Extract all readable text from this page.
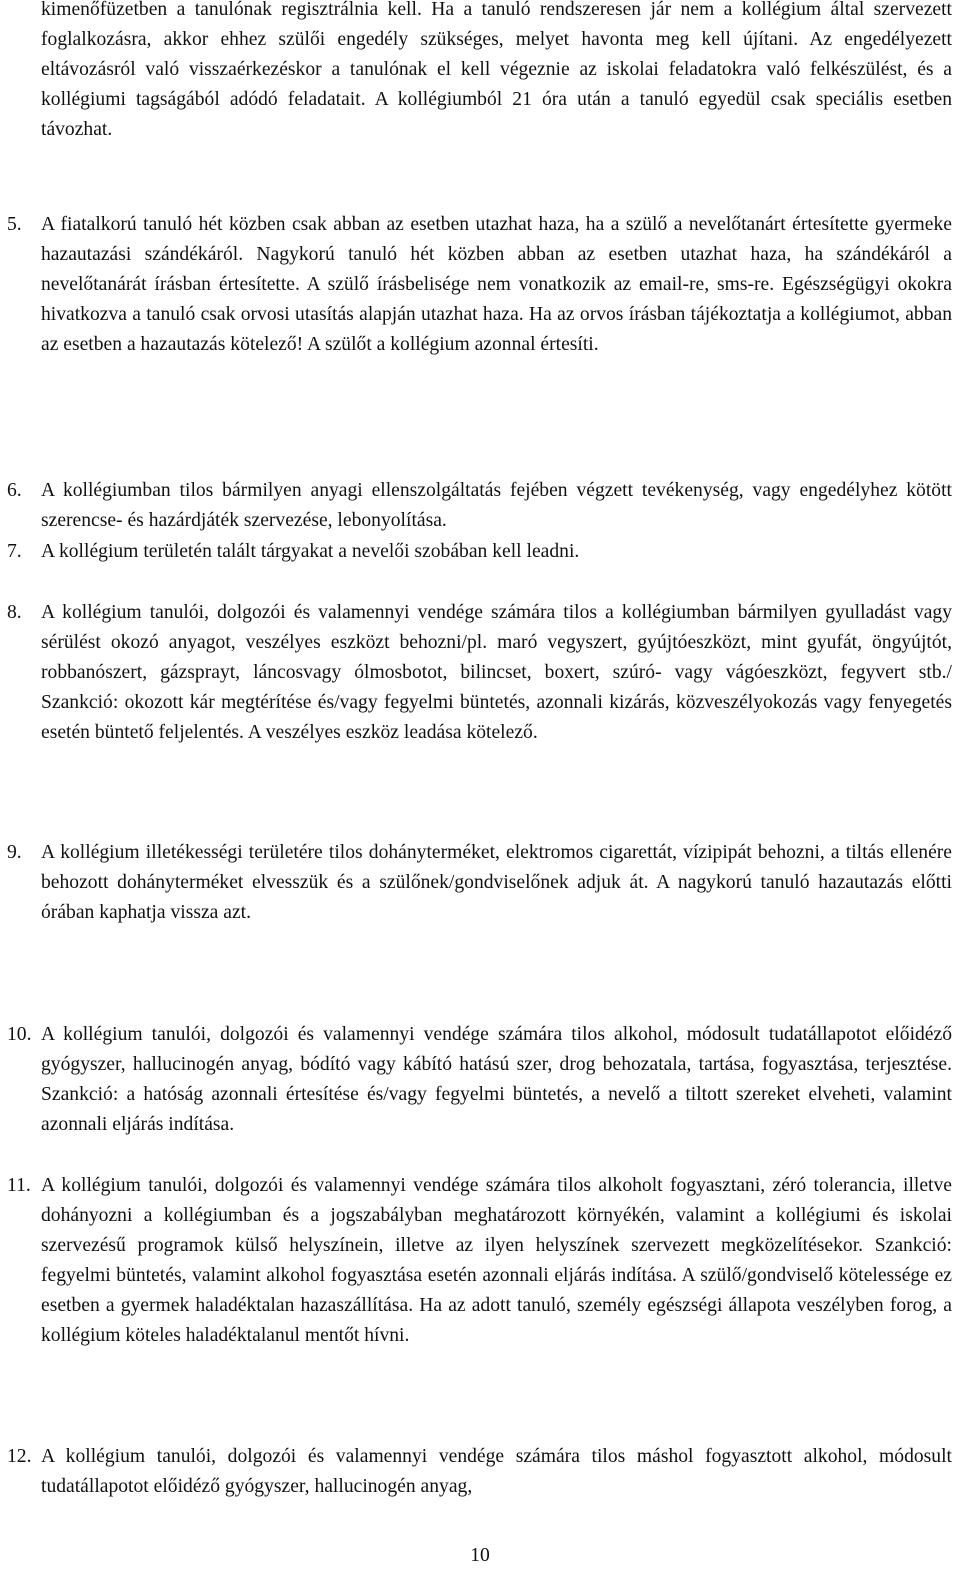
kimenőfüzetben a tanulónak regisztrálnia kell. Ha a tanuló rendszeresen jár nem a kollégium által szervezett foglalkozásra, akkor ehhez szülői engedély szükséges, melyet havonta meg kell újítani. Az engedélyezett eltávozásról való visszaérkezéskor a tanulónak el kell végeznie az iskolai feladatokra való felkészülést, és a kollégiumi tagságából adódó feladatait. A kollégiumból 21 óra után a tanuló egyedül csak speciális esetben távozhat.

5. A fiatalkorú tanuló hét közben csak abban az esetben utazhat haza, ha a szülő a nevelőtanárt értesítette gyermeke hazautazási szándékáról. Nagykorú tanuló hét közben abban az esetben utazhat haza, ha szándékáról a nevelőtanárát írásban értesítette. A szülő írásbelisége nem vonatkozik az email-re, sms-re. Egészségügyi okokra hivatkozva a tanuló csak orvosi utasítás alapján utazhat haza. Ha az orvos írásban tájékoztatja a kollégiumot, abban az esetben a hazautazás kötelező! A szülőt a kollégium azonnal értesíti.
6. A kollégiumban tilos bármilyen anyagi ellenszolgáltatás fejében végzett tevékenység, vagy engedélyhez kötött szerencse- és hazárdjáték szervezése, lebonyolítása.
7. A kollégium területén talált tárgyakat a nevelői szobában kell leadni.
8. A kollégium tanulói, dolgozói és valamennyi vendége számára tilos a kollégiumban bármilyen gyulladást vagy sérülést okozó anyagot, veszélyes eszközt behozni/pl. maró vegyszert, gyújtóeszközt, mint gyufát, öngyújtót, robbanószert, gázsprayt, láncosvagy ólmosbotot, bilincset, boxert, szúró- vagy vágóeszközt, fegyvert stb./ Szankció: okozott kár megtérítése és/vagy fegyelmi büntetés, azonnali kizárás, közveszélyokozás vagy fenyegetés esetén büntető feljelentés. A veszélyes eszköz leadása kötelező.
9. A kollégium illetékességi területére tilos dohányterméket, elektromos cigarettát, vízipipát behozni, a tiltás ellenére behozott dohányterméket elvesszük és a szülőnek/gondviselőnek adjuk át. A nagykorú tanuló hazautazás előtti órában kaphatja vissza azt.
10. A kollégium tanulói, dolgozói és valamennyi vendége számára tilos alkohol, módosult tudatállapotot előidéző gyógyszer, hallucinogén anyag, bódító vagy kábító hatású szer, drog behozatala, tartása, fogyasztása, terjesztése. Szankció: a hatóság azonnali értesítése és/vagy fegyelmi büntetés, a nevelő a tiltott szereket elveheti, valamint azonnali eljárás indítása.
11. A kollégium tanulói, dolgozói és valamennyi vendége számára tilos alkoholt fogyasztani, zéró tolerancia, illetve dohányozni a kollégiumban és a jogszabályban meghatározott környékén, valamint a kollégiumi és iskolai szervezésű programok külső helyszínein, illetve az ilyen helyszínek szervezett megközelítésekor. Szankció: fegyelmi büntetés, valamint alkohol fogyasztása esetén azonnali eljárás indítása. A szülő/gondviselő kötelessége ez esetben a gyermek haladéktalan hazaszállítása. Ha az adott tanuló, személy egészségi állapota veszélyben forog, a kollégium köteles haladéktalanul mentőt hívni.
12. A kollégium tanulói, dolgozói és valamennyi vendége számára tilos máshol fogyasztott alkohol, módosult tudatállapotot előidéző gyógyszer, hallucinogén anyag,
10
